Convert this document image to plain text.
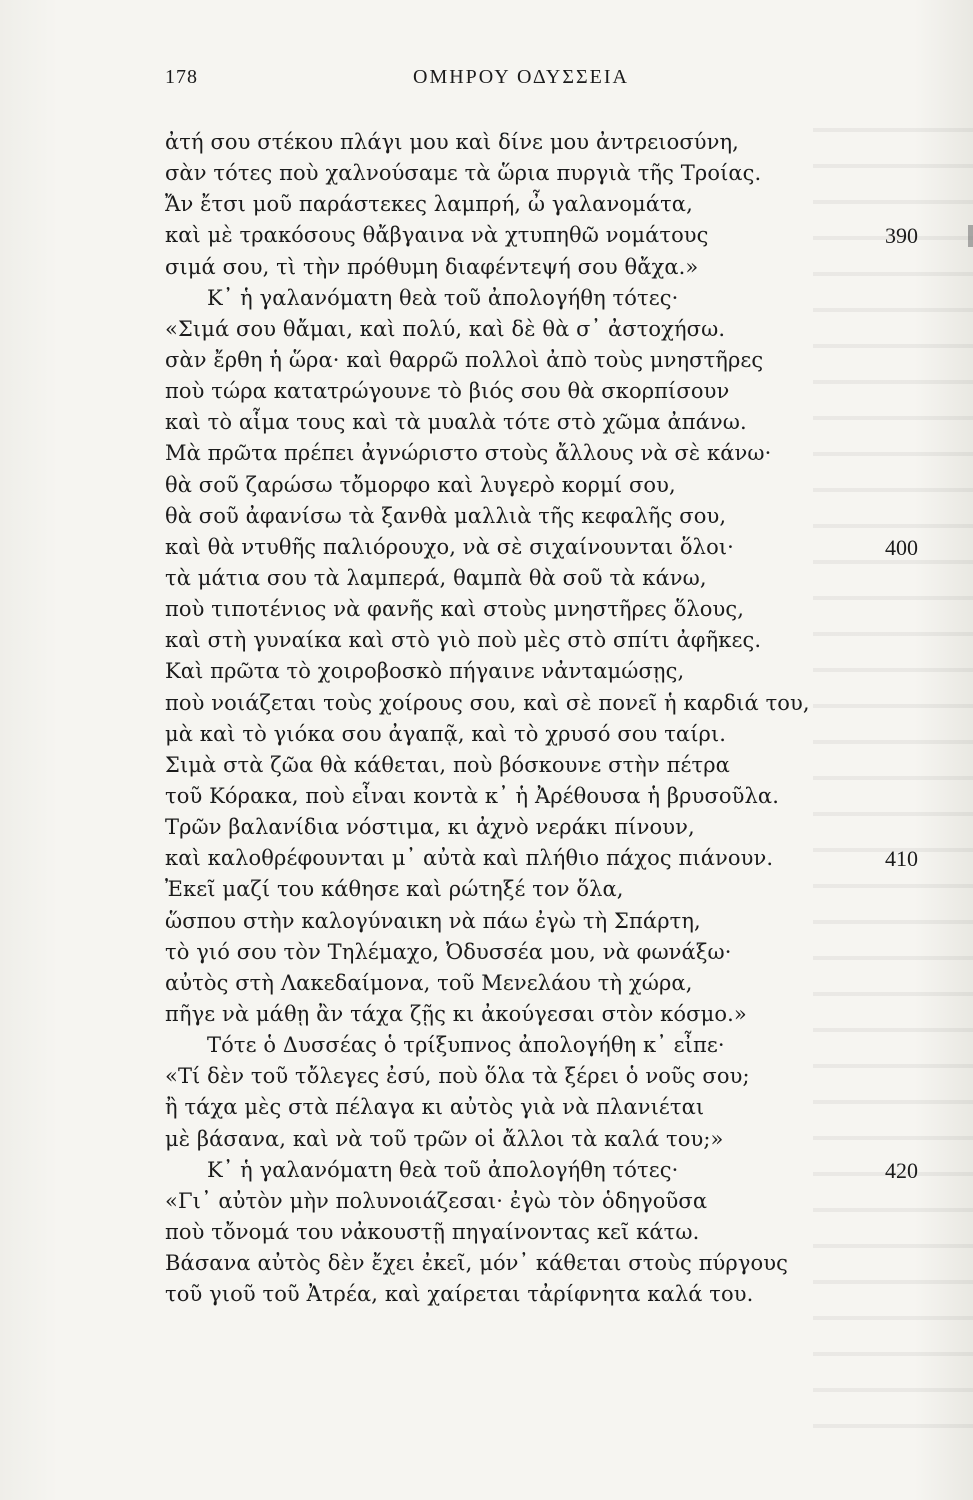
178	ΟΜΗΡΟΥ ΟΔΥΣΣΕΙΑ
ἀτή σου στέκου πλάγι μου καὶ δίνε μου ἀντρειοσύνη,
σὰν τότες ποὺ χαλνούσαμε τὰ ὥρια πυργιὰ τῆς Τροίας.
Ἄν ἔτσι μοῦ παράστεκες λαμπρή, ὦ γαλανομάτα,
καὶ μὲ τρακόσους θἄβγαινα νὰ χτυπηθῶ νομάτους	390
σιμά σου, τὶ τὴν πρόθυμη διαφέντεψή σου θἄχα.»
Κ᾽ ἡ γαλανόματη θεὰ τοῦ ἀπολογήθη τότες·
«Σιμά σου θἄμαι, καὶ πολύ, καὶ δὲ θὰ σ᾽ ἀστοχήσω.
σὰν ἔρθη ἡ ὥρα· καὶ θαρρῶ πολλοὶ ἀπὸ τοὺς μνηστῆρες
ποὺ τώρα κατατρώγουνε τὸ βιός σου θὰ σκορπίσουν
καὶ τὸ αἷμα τους καὶ τὰ μυαλὰ τότε στὸ χῶμα ἀπάνω.
Μὰ πρῶτα πρέπει ἀγνώριστο στοὺς ἄλλους νὰ σὲ κάνω·
θὰ σοῦ ζαρώσω τὄμορφο καὶ λυγερὸ κορμί σου,
θὰ σοῦ ἀφανίσω τὰ ξανθὰ μαλλιὰ τῆς κεφαλῆς σου,
καὶ θὰ ντυθῆς παλιόρουχο, νὰ σὲ σιχαίνουνται ὅλοι·	400
τὰ μάτια σου τὰ λαμπερά, θαμπὰ θὰ σοῦ τὰ κάνω,
ποὺ τιποτένιος νὰ φανῆς καὶ στοὺς μνηστῆρες ὅλους,
καὶ στὴ γυναίκα καὶ στὸ γιὸ ποὺ μὲς στὸ σπίτι ἀφῆκες.
Καὶ πρῶτα τὸ χοιροβοσκὸ πήγαινε νἀνταμώσῃς,
ποὺ νοιάζεται τοὺς χοίρους σου, καὶ σὲ πονεῖ ἡ καρδιά του,
μὰ καὶ τὸ γιόκα σου ἀγαπᾷ, καὶ τὸ χρυσό σου ταίρι.
Σιμὰ στὰ ζῶα θὰ κάθεται, ποὺ βόσκουνε στὴν πέτρα
τοῦ Κόρακα, ποὺ εἶναι κοντὰ κ᾽ ἡ Ἀρέθουσα ἡ βρυσοῦλα.
Τρῶν βαλανίδια νόστιμα, κι ἀχνὸ νεράκι πίνουν,
καὶ καλοθρέφουνται μ᾽ αὐτὰ καὶ πλήθιο πάχος πιάνουν.	410
Ἐκεῖ μαζί του κάθησε καὶ ρώτηξέ τον ὅλα,
ὥσπου στὴν καλογύναικη νὰ πάω ἐγὼ τὴ Σπάρτη,
τὸ γιό σου τὸν Τηλέμαχο, Ὀδυσσέα μου, νὰ φωνάξω·
αὐτὸς στὴ Λακεδαίμονα, τοῦ Μενελάου τὴ χώρα,
πῆγε νὰ μάθῃ ἂν τάχα ζῇς κι ἀκούγεσαι στὸν κόσμο.»
Τότε ὁ Δυσσέας ὁ τρίξυπνος ἀπολογήθη κ᾽ εἶπε·
«Τί δὲν τοῦ τὄλεγες ἐσύ, ποὺ ὅλα τὰ ξέρει ὁ νοῦς σου;
ἢ τάχα μὲς στὰ πέλαγα κι αὐτὸς γιὰ νὰ πλανιέται
μὲ βάσανα, καὶ νὰ τοῦ τρῶν οἱ ἄλλοι τὰ καλά του;»
Κ᾽ ἡ γαλανόματη θεὰ τοῦ ἀπολογήθη τότες·	420
«Γι᾽ αὐτὸν μὴν πολυνοιάζεσαι· ἐγὼ τὸν ὁδηγοῦσα
ποὺ τὄνομά του νἀκουστῇ πηγαίνοντας κεῖ κάτω.
Βάσανα αὐτὸς δὲν ἔχει ἐκεῖ, μόν᾽ κάθεται στοὺς πύργους
τοῦ γιοῦ τοῦ Ἀτρέα, καὶ χαίρεται τἀρίφνητα καλά του.
